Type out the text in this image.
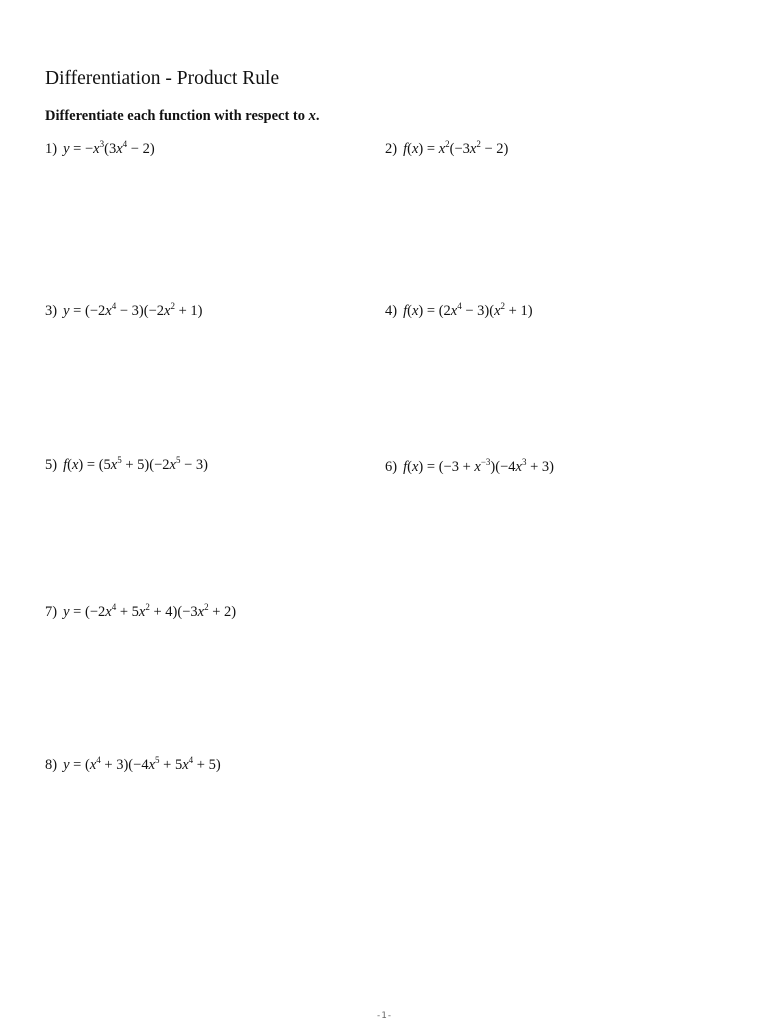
Differentiation - Product Rule
Differentiate each function with respect to x.
1) $y = -x^3(3x^4 - 2)$	2) $f(x) = x^2(-3x^2 - 2)$
3) $y = (-2x^4 - 3)(-2x^2 + 1)$	4) $f(x) = (2x^4 - 3)(x^2 + 1)$
5) $f(x) = (5x^5 + 5)(-2x^5 - 3)$	6) $f(x) = (-3 + x^{-3})(-4x^3 + 3)$
7) $y = (-2x^4 + 5x^2 + 4)(-3x^2 + 2)$
8) $y = (x^4 + 3)(-4x^5 + 5x^4 + 5)$
-1-
